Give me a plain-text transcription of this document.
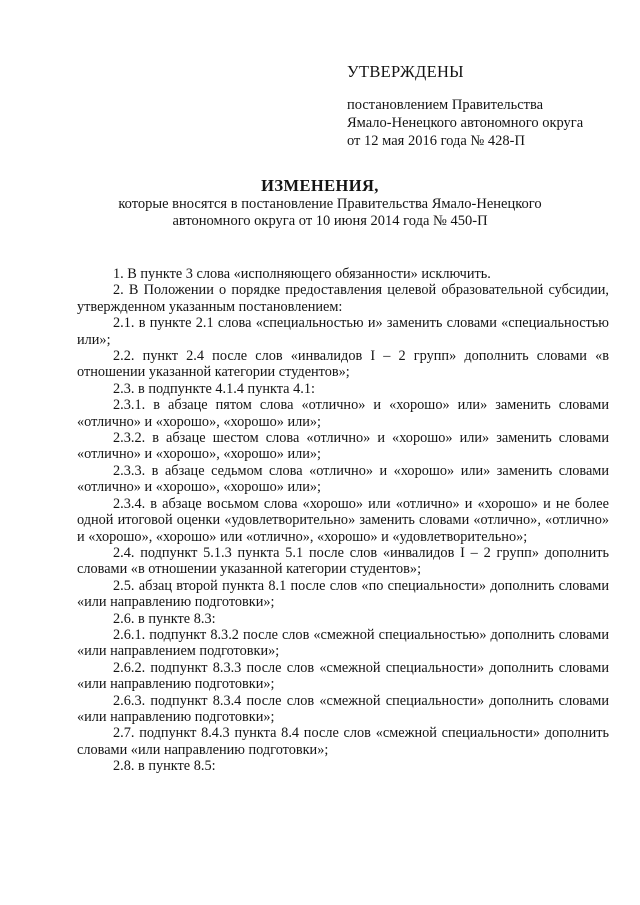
УТВЕРЖДЕНЫ

постановлением Правительства

Ямало-Ненецкого автономного округа

от 12 мая 2016 года № 428-П

ИЗМЕНЕНИЯ,

которые вносятся в постановление Правительства Ямало-Ненецкого
автономного округа от 10 июня 2014 года № 450-П

1. В пункте 3 слова «исполняющего обязанности» исключить.

2. В Положении о порядке предоставления целевой образовательной субсидии, утвержденном указанным постановлением:

2.1. в пункте 2.1 слова «специальностью и» заменить словами «специальностью или»;

2.2. пункт 2.4 после слов «инвалидов I – 2 групп» дополнить словами «в отношении указанной категории студентов»;

2.3. в подпункте 4.1.4 пункта 4.1:

2.3.1. в абзаце пятом слова «отлично» и «хорошо» или» заменить словами «отлично» и «хорошо», «хорошо» или»;

2.3.2. в абзаце шестом слова «отлично» и «хорошо» или» заменить словами «отлично» и «хорошо», «хорошо» или»;

2.3.3. в абзаце седьмом слова «отлично» и «хорошо» или» заменить словами «отлично» и «хорошо», «хорошо» или»;

2.3.4. в абзаце восьмом слова «хорошо» или «отлично» и «хорошо» и не более одной итоговой оценки «удовлетворительно» заменить словами «отлично», «отлично» и «хорошо», «хорошо» или «отлично», «хорошо» и «удовлетворительно»;

2.4. подпункт 5.1.3 пункта 5.1 после слов «инвалидов I – 2 групп» дополнить словами «в отношении указанной категории студентов»;

2.5. абзац второй пункта 8.1 после слов «по специальности» дополнить словами «или направлению подготовки»;

2.6. в пункте 8.3:

2.6.1. подпункт 8.3.2 после слов «смежной специальностью» дополнить словами «или направлением подготовки»;

2.6.2. подпункт 8.3.3 после слов «смежной специальности» дополнить словами «или направлению подготовки»;

2.6.3. подпункт 8.3.4 после слов «смежной специальности» дополнить словами «или направлению подготовки»;

2.7. подпункт 8.4.3 пункта 8.4 после слов «смежной специальности» дополнить словами «или направлению подготовки»;

2.8. в пункте 8.5:
